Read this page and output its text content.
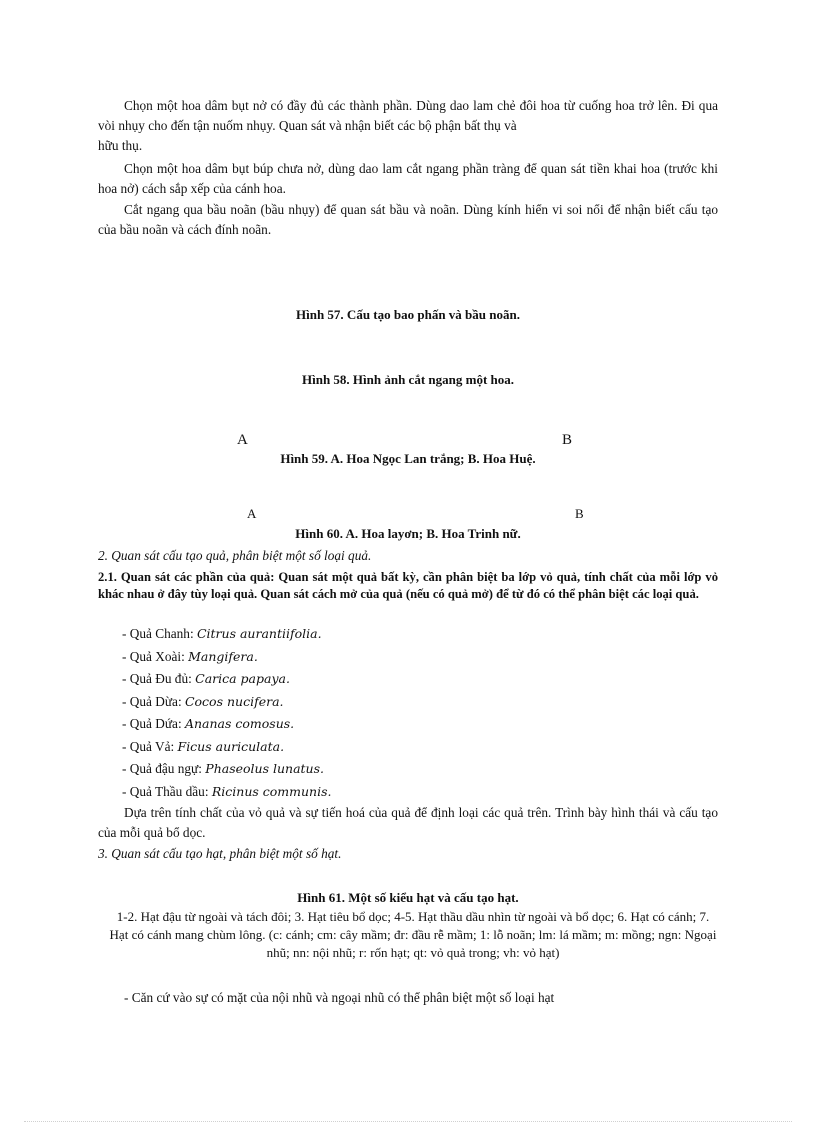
Chọn một hoa dâm bụt nở có đầy đủ các thành phần. Dùng dao lam chẻ đôi hoa từ cuống hoa trở lên. Đi qua vòi nhụy cho đến tận nuốm nhụy. Quan sát và nhận biết các bộ phận bất thụ và

hữu thụ.

Chọn một hoa dâm bụt búp chưa nở, dùng dao lam cắt ngang phần tràng để quan sát tiền khai hoa (trước khi hoa nở) cách sắp xếp của cánh hoa.

Cắt ngang qua bầu noãn (bầu nhụy) để quan sát bầu và noãn. Dùng kính hiển vi soi nổi để nhận biết cấu tạo của bầu noãn và cách đính noãn.

Hình 57. Cấu tạo bao phấn và bầu noãn.
Hình 58. Hình ảnh cắt ngang một hoa.
A	B
Hình 59. A. Hoa Ngọc Lan trắng; B. Hoa Huệ.
A	B
Hình 60. A. Hoa layơn; B. Hoa Trinh nữ.
2. Quan sát cấu tạo quả, phân biệt một số loại quả.
2.1. Quan sát các phần của quả: Quan sát một quả bất kỳ, cần phân biệt ba lớp vỏ quả, tính chất của mỗi lớp vỏ khác nhau ở đây tùy loại quả. Quan sát cách mở của quả (nếu có quả mở) để từ đó có thể phân biệt các loại quả.
- Quả Chanh: Citrus aurantiifolia.
- Quả Xoài: Mangifera.
- Quả Đu đủ: Carica papaya.
- Quả Dừa: Cocos nucifera.
- Quả Dứa: Ananas comosus.
- Quả Vả: Ficus auriculata.
- Quả đậu ngự: Phaseolus lunatus.
- Quả Thầu dầu: Ricinus communis.

Dựa trên tính chất của vỏ quả và sự tiến hoá của quả để định loại các quả trên. Trình bày hình thái và cấu tạo của mỗi quả bổ dọc.

3. Quan sát cấu tạo hạt, phân biệt một số hạt.
Hình 61. Một số kiểu hạt và cấu tạo hạt.
1-2. Hạt đậu từ ngoài và tách đôi; 3. Hạt tiêu bổ dọc; 4-5. Hạt thầu dầu nhìn từ ngoài và bổ dọc; 6. Hạt có cánh; 7. Hạt có cánh mang chùm lông. (c: cánh; cm: cây mầm; đr: đầu rễ mầm; 1: lỗ noãn; lm: lá mầm; m: mồng; ngn: Ngoại nhũ; nn: nội nhũ; r: rốn hạt; qt: vỏ quả trong; vh: vỏ hạt)

- Căn cứ vào sự có mặt của nội nhũ và ngoại nhũ có thể phân biệt một số loại hạt
